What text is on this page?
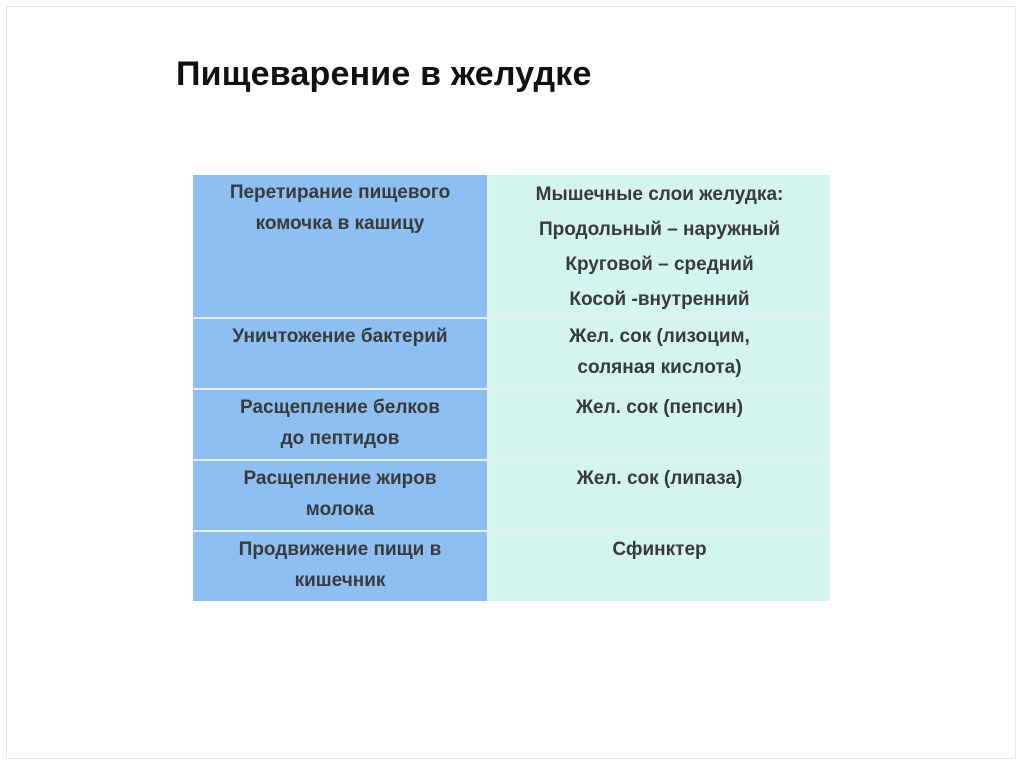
Пищеварение в желудке
Перетирание пищевого
комочка в кашицу	Мышечные слои желудка:
Продольный – наружный
Круговой – средний
Косой -внутренний

Уничтожение бактерий	Жел. сок (лизоцим,
соляная кислота)

Расщепление белков
до пептидов	Жел. сок (пепсин)

Расщепление жиров
молока	Жел. сок (липаза)

Продвижение пищи в
кишечник	Сфинктер
